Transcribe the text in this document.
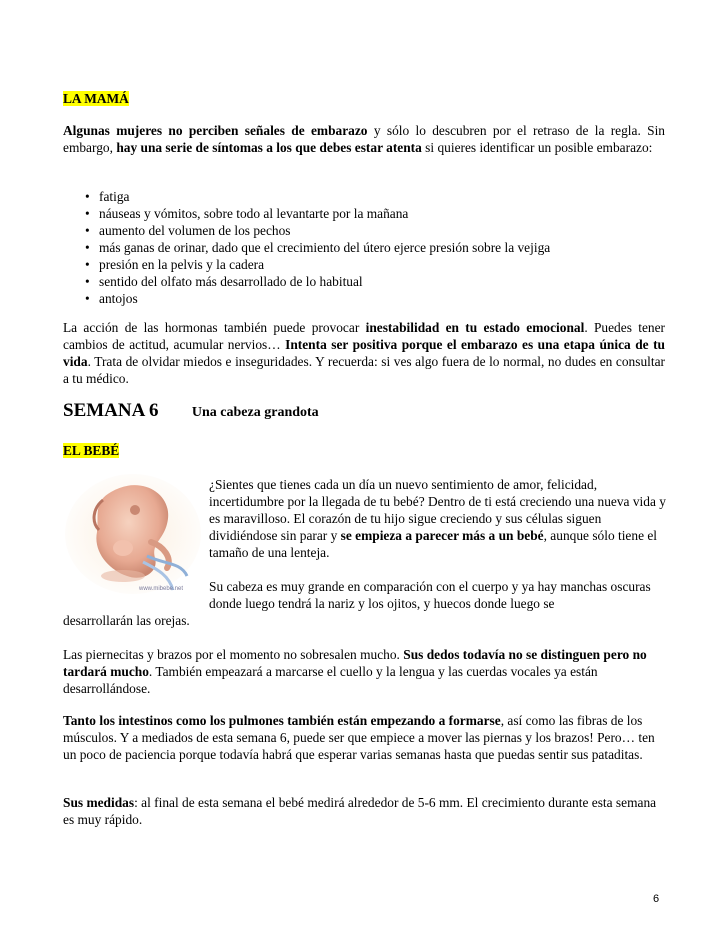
LA MAMÁ

Algunas mujeres no perciben señales de embarazo y sólo lo descubren por el retraso de la regla. Sin embargo, hay una serie de síntomas a los que debes estar atenta si quieres identificar un posible embarazo:

• fatiga
• náuseas y vómitos, sobre todo al levantarte por la mañana
• aumento del volumen de los pechos
• más ganas de orinar, dado que el crecimiento del útero ejerce presión sobre la vejiga
• presión en la pelvis y la cadera
• sentido del olfato más desarrollado de lo habitual
• antojos

La acción de las hormonas también puede provocar inestabilidad en tu estado emocional. Puedes tener cambios de actitud, acumular nervios… Intenta ser positiva porque el embarazo es una etapa única de tu vida. Trata de olvidar miedos e inseguridades. Y recuerda: si ves algo fuera de lo normal, no dudes en consultar a tu médico.

SEMANA 6 Una cabeza grandota
EL BEBÉ
www.mibebe.net

¿Sientes que tienes cada un día un nuevo sentimiento de amor, felicidad, incertidumbre por la llegada de tu bebé? Dentro de ti está creciendo una nueva vida y es maravilloso. El corazón de tu hijo sigue creciendo y sus células siguen dividiéndose sin parar y se empieza a parecer más a un bebé, aunque sólo tiene el tamaño de una lenteja.

Su cabeza es muy grande en comparación con el cuerpo y ya hay manchas oscuras donde luego tendrá la nariz y los ojitos, y huecos donde luego se

desarrollarán las orejas.

Las piernecitas y brazos por el momento no sobresalen mucho. Sus dedos todavía no se distinguen pero no tardará mucho. También empeazará a marcarse el cuello y la lengua y las cuerdas vocales ya están desarrollándose.

Tanto los intestinos como los pulmones también están empezando a formarse, así como las fibras de los músculos. Y a mediados de esta semana 6, puede ser que empiece a mover las piernas y los brazos! Pero… ten un poco de paciencia porque todavía habrá que esperar varias semanas hasta que puedas sentir sus pataditas.

Sus medidas: al final de esta semana el bebé medirá alrededor de 5-6 mm. El crecimiento durante esta semana es muy rápido.

6
